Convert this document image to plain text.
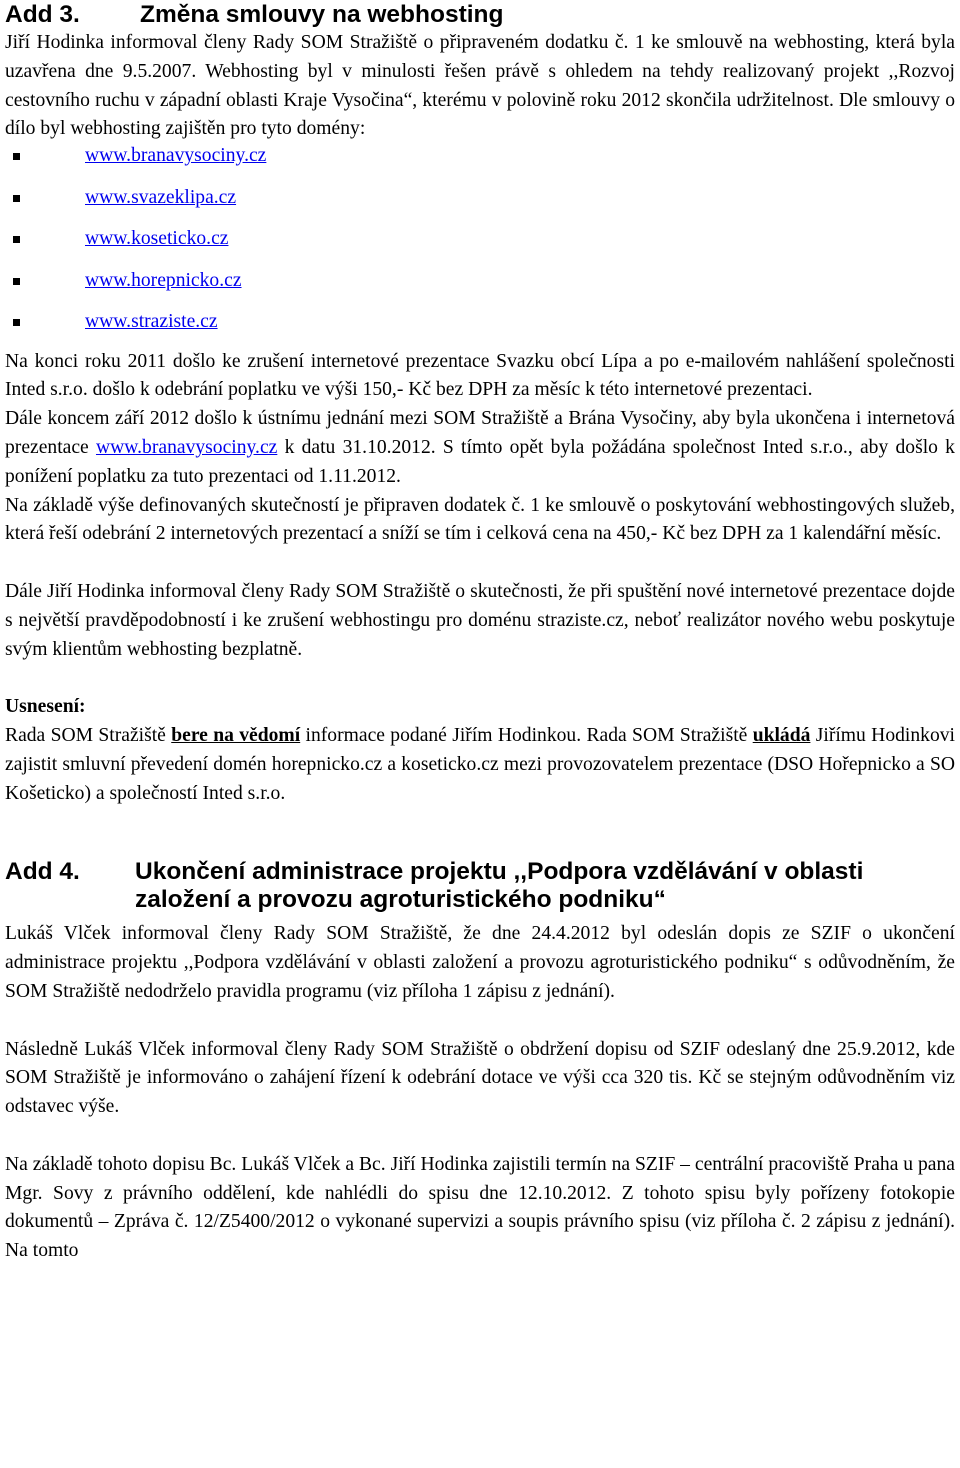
Add 3. Změna smlouvy na webhosting

Jiří Hodinka informoval členy Rady SOM Stražiště o připraveném dodatku č. 1 ke smlouvě na webhosting, která byla uzavřena dne 9.5.2007. Webhosting byl v minulosti řešen právě s ohledem na tehdy realizovaný projekt ,,Rozvoj cestovního ruchu v západní oblasti Kraje Vysočina“, kterému v polovině roku 2012 skončila udržitelnost. Dle smlouvy o dílo byl webhosting zajištěn pro tyto domény:

www.branavysociny.cz
www.svazeklipa.cz
www.koseticko.cz
www.horepnicko.cz
www.straziste.cz

Na konci roku 2011 došlo ke zrušení internetové prezentace Svazku obcí Lípa a po e-mailovém nahlášení společnosti Inted s.r.o. došlo k odebrání poplatku ve výši 150,- Kč bez DPH za měsíc k této internetové prezentaci.

Dále koncem září 2012 došlo k ústnímu jednání mezi SOM Stražiště a Brána Vysočiny, aby byla ukončena i internetová prezentace www.branavysociny.cz k datu 31.10.2012. S tímto opět byla požádána společnost Inted s.r.o., aby došlo k ponížení poplatku za tuto prezentaci od 1.11.2012.

Na základě výše definovaných skutečností je připraven dodatek č. 1 ke smlouvě o poskytování webhostingových služeb, která řeší odebrání 2 internetových prezentací a sníží se tím i celková cena na 450,- Kč bez DPH za 1 kalendářní měsíc.

Dále Jiří Hodinka informoval členy Rady SOM Stražiště o skutečnosti, že při spuštění nové internetové prezentace dojde s největší pravděpodobností i ke zrušení webhostingu pro doménu straziste.cz, neboť realizátor nového webu poskytuje svým klientům webhosting bezplatně.

Usnesení:

Rada SOM Stražiště bere na vědomí informace podané Jiřím Hodinkou. Rada SOM Stražiště ukládá Jiřímu Hodinkovi zajistit smluvní převedení domén horepnicko.cz a koseticko.cz mezi provozovatelem prezentace (DSO Hořepnicko a SO Košeticko) a společností Inted s.r.o.

Add 4.	Ukončení administrace projektu ,,Podpora vzdělávání v oblasti založení a provozu agroturistického podniku“

Lukáš Vlček informoval členy Rady SOM Stražiště, že dne 24.4.2012 byl odeslán dopis ze SZIF o ukončení administrace projektu ,,Podpora vzdělávání v oblasti založení a provozu agroturistického podniku“ s odůvodněním, že SOM Stražiště nedodrželo pravidla programu (viz příloha 1 zápisu z jednání).

Následně Lukáš Vlček informoval členy Rady SOM Stražiště o obdržení dopisu od SZIF odeslaný dne 25.9.2012, kde SOM Stražiště je informováno o zahájení řízení k odebrání dotace ve výši cca 320 tis. Kč se stejným odůvodněním viz odstavec výše.

Na základě tohoto dopisu Bc. Lukáš Vlček a Bc. Jiří Hodinka zajistili termín na SZIF – centrální pracoviště Praha u pana Mgr. Sovy z právního oddělení, kde nahlédli do spisu dne 12.10.2012. Z tohoto spisu byly pořízeny fotokopie dokumentů – Zpráva č. 12/Z5400/2012 o vykonané supervizi a soupis právního spisu (viz příloha č. 2 zápisu z jednání). Na tomto
